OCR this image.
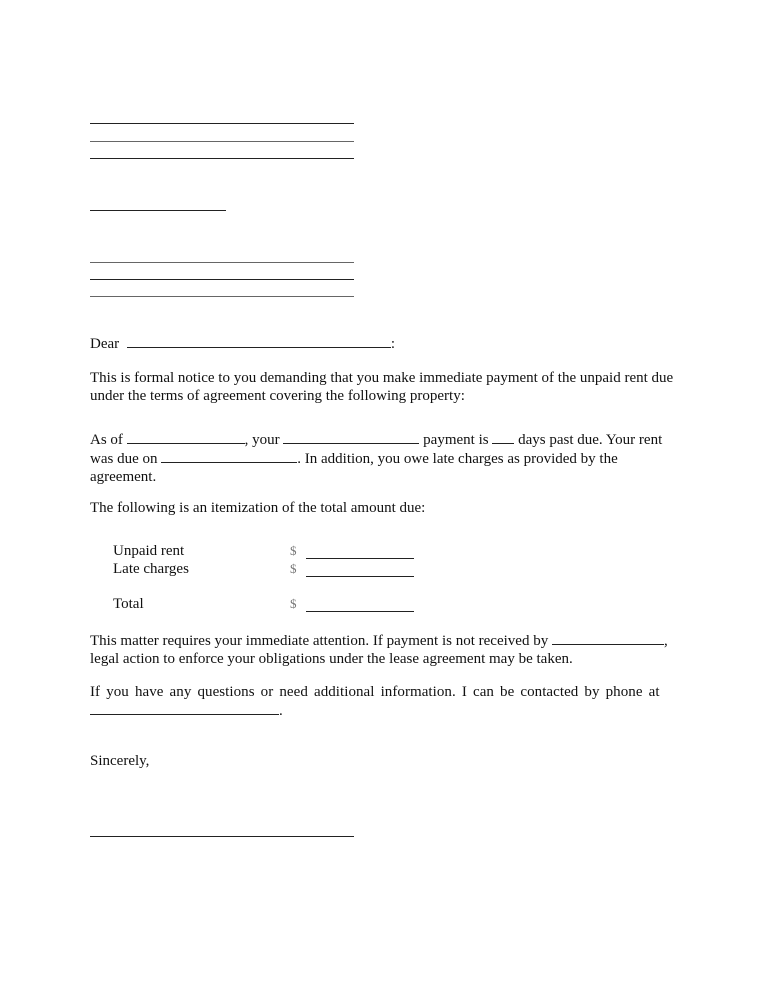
Dear	:
This is formal notice to you demanding that you make immediate payment of the unpaid rent due under the terms of agreement covering the following property:
As of	, your	payment is days past due. Your rent
was due on	. In addition, you owe late charges as provided by the
agreement.
The following is an itemization of the total amount due:
Unpaid rent	$
Late charges	$
Total	$
This matter requires your immediate attention. If payment is not received by	,
legal action to enforce your obligations under the lease agreement may be taken.
If you have any questions or need additional information. I can be contacted by phone at
.
Sincerely,
